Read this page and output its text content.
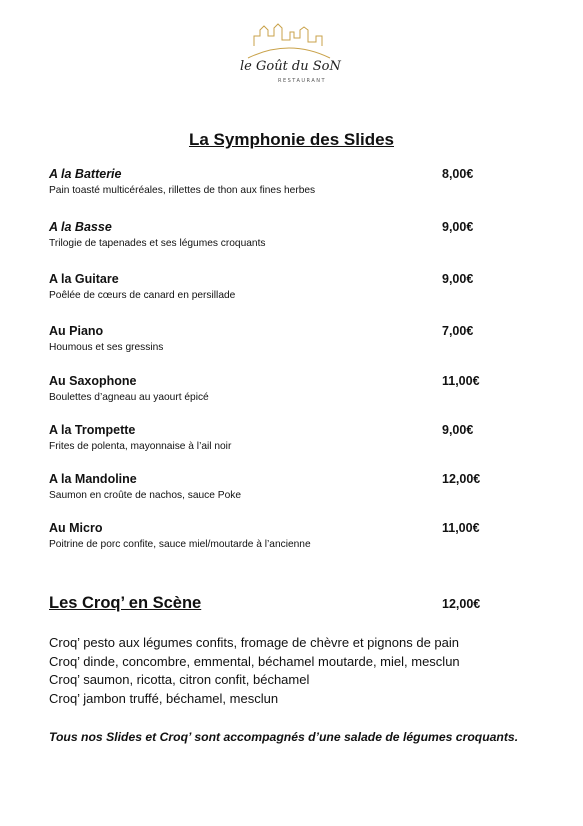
le Goût du SoN
RESTAURANT
La Symphonie des Slides
A la Batterie
Pain toasté multicéréales, rillettes de thon aux fines herbes
8,00€
A la Basse
Trilogie de tapenades et ses légumes croquants
9,00€
A la Guitare
Poêlée de cœurs de canard en persillade
9,00€
Au Piano
Houmous et ses gressins
7,00€
Au Saxophone
Boulettes d’agneau au yaourt épicé
11,00€
A la Trompette
Frites de polenta, mayonnaise à l’ail noir
9,00€
A la Mandoline
Saumon en croûte de nachos, sauce Poke
12,00€
Au Micro
Poitrine de porc confite, sauce miel/moutarde à l’ancienne
11,00€
Les Croq’ en Scène	12,00€
Croq’ pesto aux légumes confits, fromage de chèvre et pignons de pain
Croq’ dinde, concombre, emmental, béchamel moutarde, miel, mesclun
Croq’ saumon, ricotta, citron confit, béchamel
Croq’ jambon truffé, béchamel, mesclun
Tous nos Slides et Croq’ sont accompagnés d’une salade de légumes croquants.
